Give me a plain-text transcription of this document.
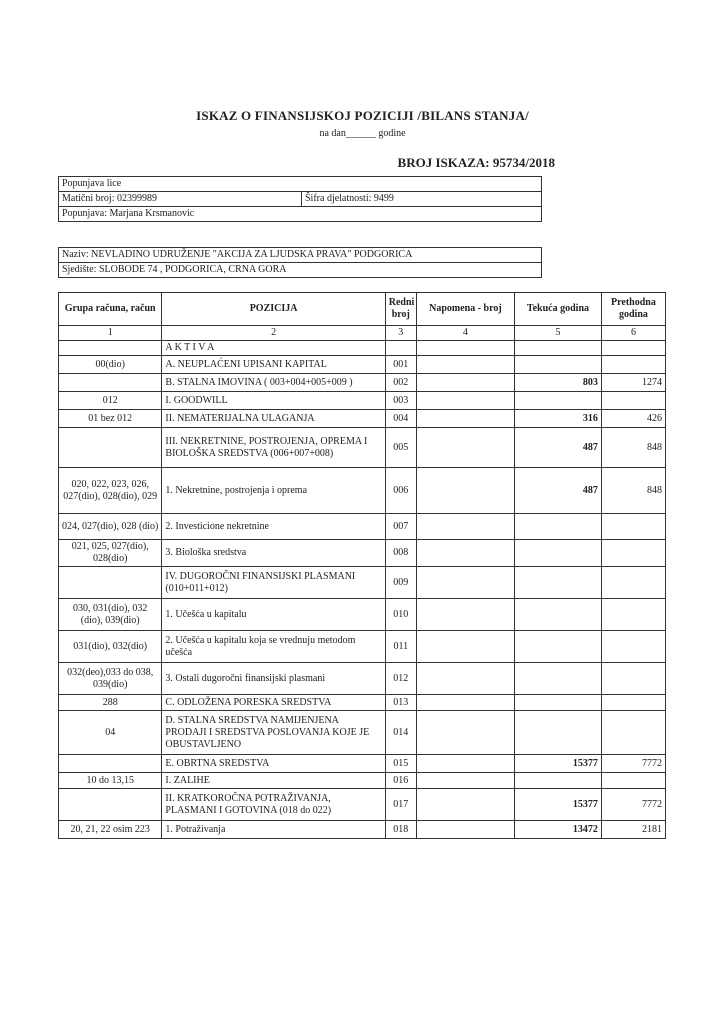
ISKAZ O FINANSIJSKOJ POZICIJI /BILANS STANJA/
na dan______ godine
BROJ ISKAZA: 95734/2018
Popunjava lice
Matični broj: 02399989	Šifra djelatnosti: 9499
Popunjava: Marjana Krsmanovic
Naziv: NEVLADINO UDRUŽENJE "AKCIJA ZA LJUDSKA PRAVA" PODGORICA
Sjedište: SLOBODE 74 , PODGORICA, CRNA GORA
Grupa računa, račun	POZICIJA	Redni broj	Napomena - broj	Tekuća godina	Prethodna godina
1	2	3	4	5	6
	A K T I V A				
00(dio)	A. NEUPLAĆENI UPISANI KAPITAL	001			
	B. STALNA IMOVINA ( 003+004+005+009 )	002		803	1274
012	I. GOODWILL	003			
01 bez 012	II. NEMATERIJALNA ULAGANJA	004		316	426
	III. NEKRETNINE, POSTROJENJA, OPREMA I BIOLOŠKA SREDSTVA (006+007+008)	005		487	848
020, 022, 023, 026, 027(dio), 028(dio), 029	1. Nekretnine, postrojenja i oprema	006		487	848
024, 027(dio), 028 (dio)	2. Investicione nekretnine	007			
021, 025, 027(dio), 028(dio)	3. Biološka sredstva	008			
	IV. DUGOROČNI FINANSIJSKI PLASMANI (010+011+012)	009			
030, 031(dio), 032 (dio), 039(dio)	1. Učešća u kapitalu	010			
031(dio), 032(dio)	2. Učešća u kapitalu koja se vrednuju metodom učešća	011			
032(deo),033 do 038, 039(dio)	3. Ostali dugoročni finansijski plasmani	012			
288	C. ODLOŽENA PORESKA SREDSTVA	013			
04	D. STALNA SREDSTVA NAMIJENJENA PRODAJI I SREDSTVA POSLOVANJA KOJE JE OBUSTAVLJENO	014			
	E. OBRTNA SREDSTVA	015		15377	7772
10 do 13,15	I. ZALIHE	016			
	II. KRATKOROČNA POTRAŽIVANJA, PLASMANI I GOTOVINA (018 do 022)	017		15377	7772
20, 21, 22 osim 223	1. Potraživanja	018		13472	2181
